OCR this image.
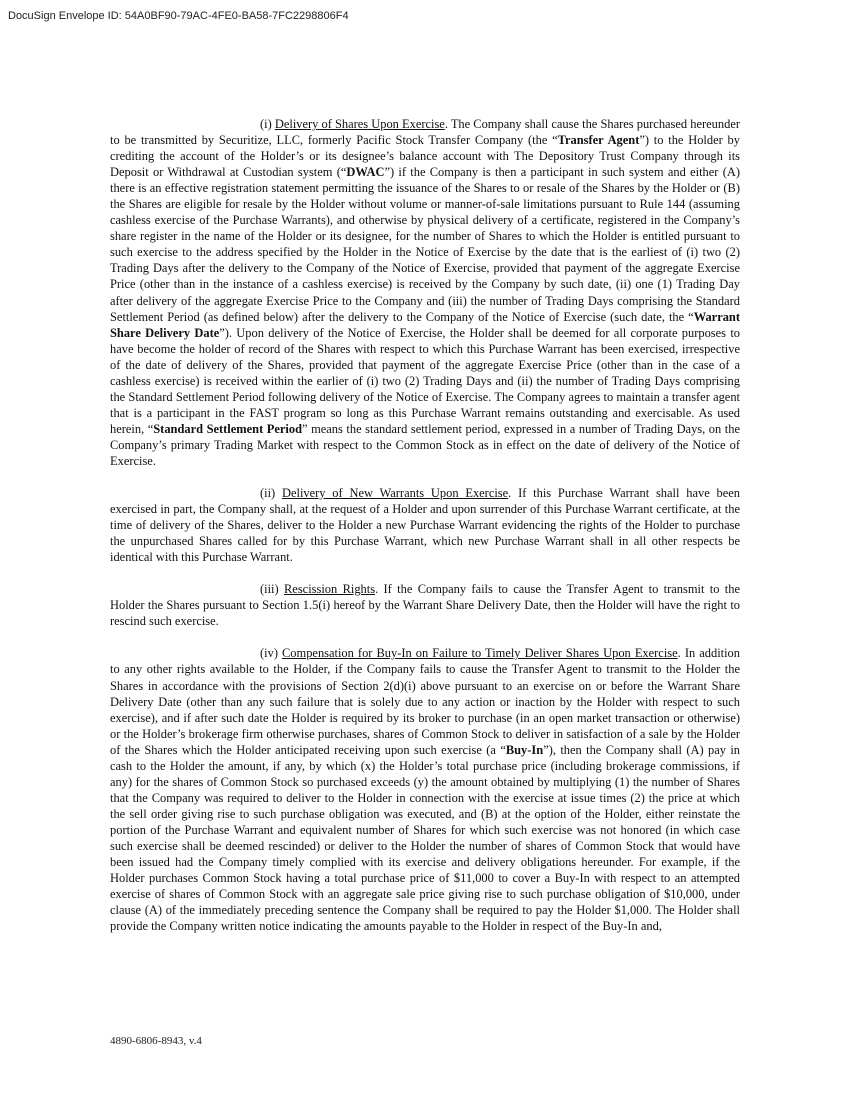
DocuSign Envelope ID: 54A0BF90-79AC-4FE0-BA58-7FC2298806F4

(i) Delivery of Shares Upon Exercise. The Company shall cause the Shares purchased hereunder to be transmitted by Securitize, LLC, formerly Pacific Stock Transfer Company (the “Transfer Agent”) to the Holder by crediting the account of the Holder’s or its designee’s balance account with The Depository Trust Company through its Deposit or Withdrawal at Custodian system (“DWAC”) if the Company is then a participant in such system and either (A) there is an effective registration statement permitting the issuance of the Shares to or resale of the Shares by the Holder or (B) the Shares are eligible for resale by the Holder without volume or manner-of-sale limitations pursuant to Rule 144 (assuming cashless exercise of the Purchase Warrants), and otherwise by physical delivery of a certificate, registered in the Company’s share register in the name of the Holder or its designee, for the number of Shares to which the Holder is entitled pursuant to such exercise to the address specified by the Holder in the Notice of Exercise by the date that is the earliest of (i) two (2) Trading Days after the delivery to the Company of the Notice of Exercise, provided that payment of the aggregate Exercise Price (other than in the instance of a cashless exercise) is received by the Company by such date, (ii) one (1) Trading Day after delivery of the aggregate Exercise Price to the Company and (iii) the number of Trading Days comprising the Standard Settlement Period (as defined below) after the delivery to the Company of the Notice of Exercise (such date, the “Warrant Share Delivery Date”). Upon delivery of the Notice of Exercise, the Holder shall be deemed for all corporate purposes to have become the holder of record of the Shares with respect to which this Purchase Warrant has been exercised, irrespective of the date of delivery of the Shares, provided that payment of the aggregate Exercise Price (other than in the case of a cashless exercise) is received within the earlier of (i) two (2) Trading Days and (ii) the number of Trading Days comprising the Standard Settlement Period following delivery of the Notice of Exercise. The Company agrees to maintain a transfer agent that is a participant in the FAST program so long as this Purchase Warrant remains outstanding and exercisable. As used herein, “Standard Settlement Period” means the standard settlement period, expressed in a number of Trading Days, on the Company’s primary Trading Market with respect to the Common Stock as in effect on the date of delivery of the Notice of Exercise.

(ii) Delivery of New Warrants Upon Exercise. If this Purchase Warrant shall have been exercised in part, the Company shall, at the request of a Holder and upon surrender of this Purchase Warrant certificate, at the time of delivery of the Shares, deliver to the Holder a new Purchase Warrant evidencing the rights of the Holder to purchase the unpurchased Shares called for by this Purchase Warrant, which new Purchase Warrant shall in all other respects be identical with this Purchase Warrant.

(iii) Rescission Rights. If the Company fails to cause the Transfer Agent to transmit to the Holder the Shares pursuant to Section 1.5(i) hereof by the Warrant Share Delivery Date, then the Holder will have the right to rescind such exercise.

(iv) Compensation for Buy-In on Failure to Timely Deliver Shares Upon Exercise. In addition to any other rights available to the Holder, if the Company fails to cause the Transfer Agent to transmit to the Holder the Shares in accordance with the provisions of Section 2(d)(i) above pursuant to an exercise on or before the Warrant Share Delivery Date (other than any such failure that is solely due to any action or inaction by the Holder with respect to such exercise), and if after such date the Holder is required by its broker to purchase (in an open market transaction or otherwise) or the Holder’s brokerage firm otherwise purchases, shares of Common Stock to deliver in satisfaction of a sale by the Holder of the Shares which the Holder anticipated receiving upon such exercise (a “Buy-In”), then the Company shall (A) pay in cash to the Holder the amount, if any, by which (x) the Holder’s total purchase price (including brokerage commissions, if any) for the shares of Common Stock so purchased exceeds (y) the amount obtained by multiplying (1) the number of Shares that the Company was required to deliver to the Holder in connection with the exercise at issue times (2) the price at which the sell order giving rise to such purchase obligation was executed, and (B) at the option of the Holder, either reinstate the portion of the Purchase Warrant and equivalent number of Shares for which such exercise was not honored (in which case such exercise shall be deemed rescinded) or deliver to the Holder the number of shares of Common Stock that would have been issued had the Company timely complied with its exercise and delivery obligations hereunder. For example, if the Holder purchases Common Stock having a total purchase price of $11,000 to cover a Buy-In with respect to an attempted exercise of shares of Common Stock with an aggregate sale price giving rise to such purchase obligation of $10,000, under clause (A) of the immediately preceding sentence the Company shall be required to pay the Holder $1,000. The Holder shall provide the Company written notice indicating the amounts payable to the Holder in respect of the Buy-In and,

4890-6806-8943, v.4
